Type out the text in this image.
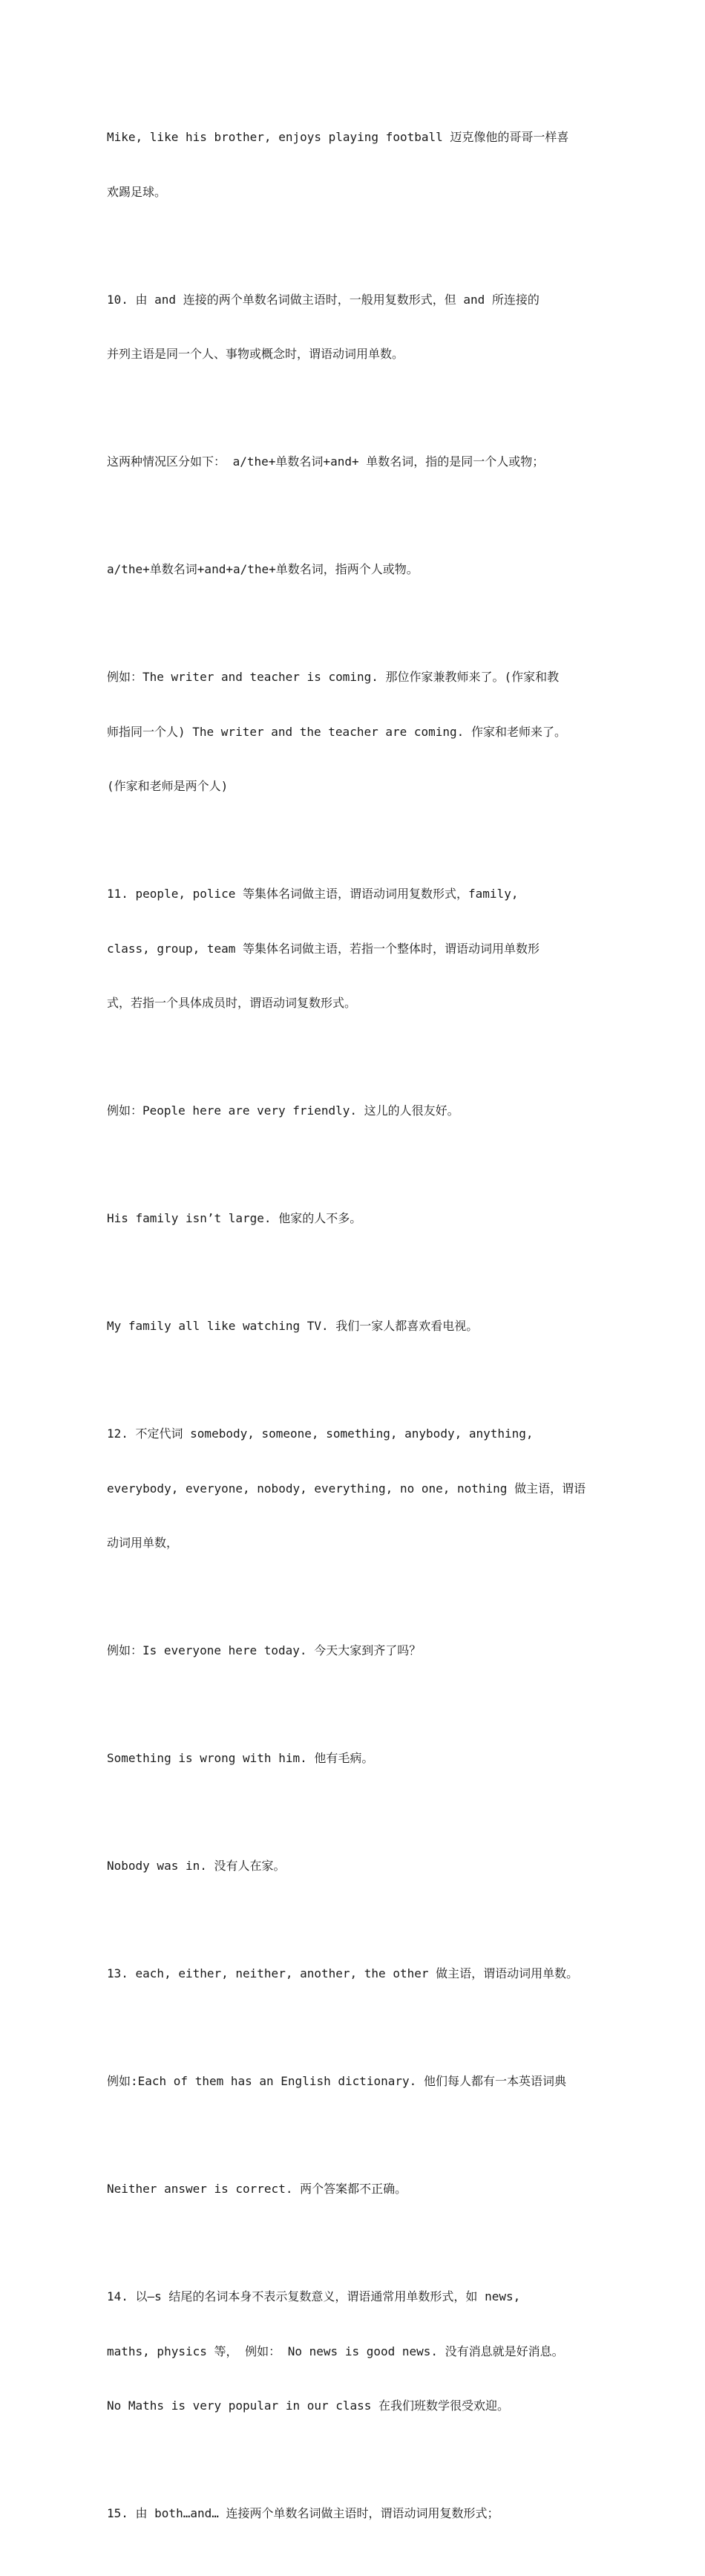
Mike, like his brother, enjoys playing football 迈克像他的哥哥一样喜

欢踢足球。

10. 由 and 连接的两个单数名词做主语时，一般用复数形式，但 and 所连接的

并列主语是同一个人、事物或概念时，谓语动词用单数。

这两种情况区分如下： a/the+单数名词+and+ 单数名词，指的是同一个人或物；

a/the+单数名词+and+a/the+单数名词，指两个人或物。

例如：The writer and teacher is coming. 那位作家兼教师来了。(作家和教

师指同一个人) The writer and the teacher are coming. 作家和老师来了。

(作家和老师是两个人)

11. people, police 等集体名词做主语，谓语动词用复数形式，family,

class, group, team 等集体名词做主语，若指一个整体时，谓语动词用单数形

式，若指一个具体成员时，谓语动词复数形式。

例如：People here are very friendly. 这儿的人很友好。

His family isn’t large. 他家的人不多。

My family all like watching TV. 我们一家人都喜欢看电视。

12. 不定代词 somebody, someone, something, anybody, anything,

everybody, everyone, nobody, everything, no one, nothing 做主语，谓语

动词用单数，

例如：Is everyone here today. 今天大家到齐了吗？

Something is wrong with him. 他有毛病。

Nobody was in. 没有人在家。

13. each, either, neither, another, the other 做主语，谓语动词用单数。

例如:Each of them has an English dictionary. 他们每人都有一本英语词典

Neither answer is correct. 两个答案都不正确。

14. 以—s 结尾的名词本身不表示复数意义，谓语通常用单数形式，如 news,

maths, physics 等， 例如： No news is good news. 没有消息就是好消息。

No Maths is very popular in our class 在我们班数学很受欢迎。

15. 由 both…and… 连接两个单数名词做主语时，谓语动词用复数形式；
